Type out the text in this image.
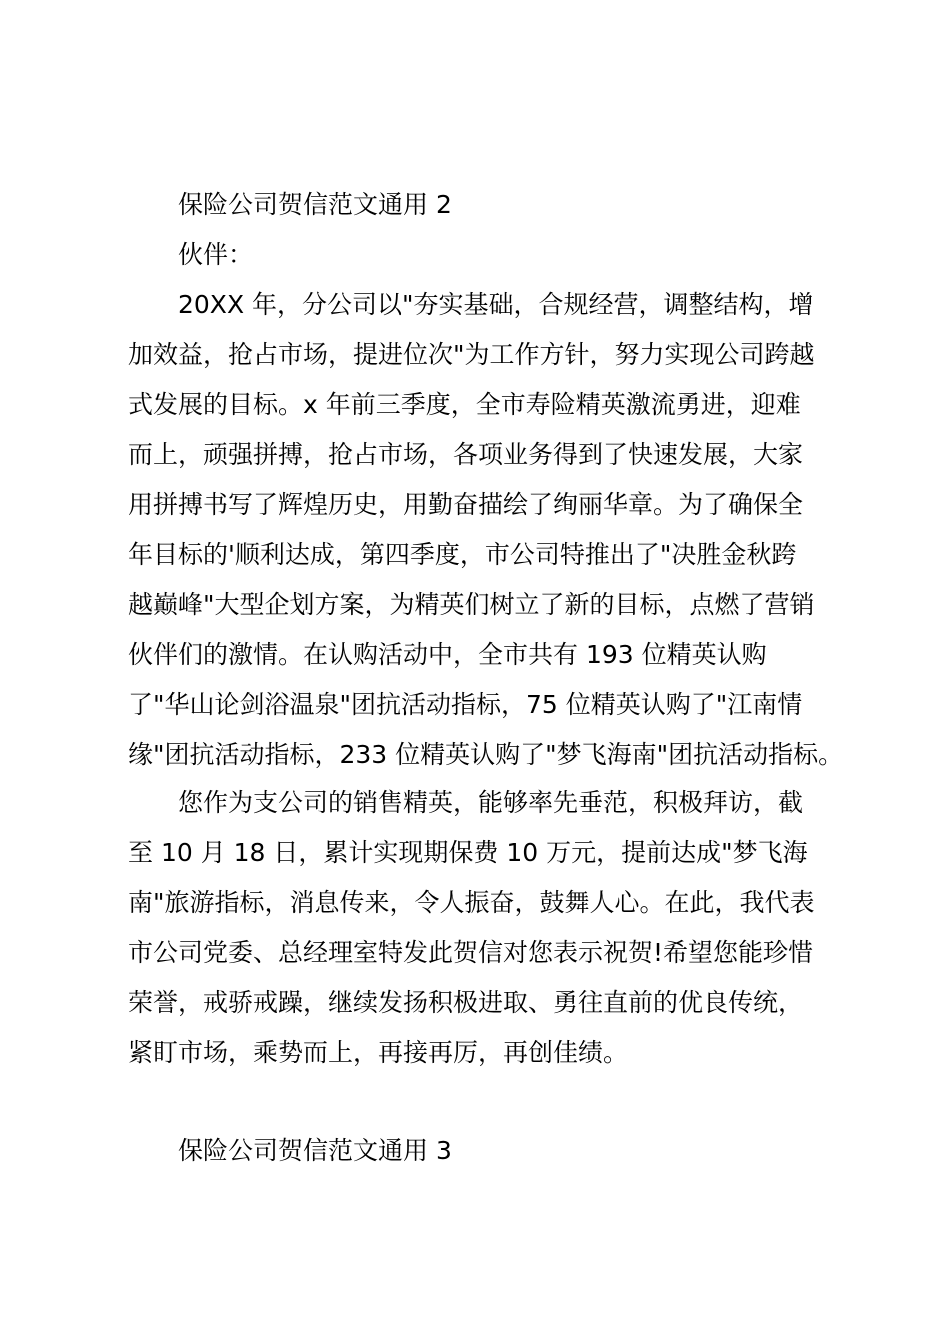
保险公司贺信范文通用 2

伙伴：

20XX 年，分公司以"夯实基础，合规经营，调整结构，增
加效益，抢占市场，提进位次"为工作方针，努力实现公司跨越
式发展的目标。x 年前三季度，全市寿险精英激流勇进，迎难
而上，顽强拼搏，抢占市场，各项业务得到了快速发展，大家
用拼搏书写了辉煌历史，用勤奋描绘了绚丽华章。为了确保全
年目标的'顺利达成，第四季度，市公司特推出了"决胜金秋跨
越巅峰"大型企划方案，为精英们树立了新的目标，点燃了营销
伙伴们的激情。在认购活动中，全市共有 193 位精英认购
了"华山论剑浴温泉"团抗活动指标，75 位精英认购了"江南情
缘"团抗活动指标，233 位精英认购了"梦飞海南"团抗活动指标。

您作为支公司的销售精英，能够率先垂范，积极拜访，截
至 10 月 18 日，累计实现期保费 10 万元，提前达成"梦飞海
南"旅游指标，消息传来，令人振奋，鼓舞人心。在此，我代表
市公司党委、总经理室特发此贺信对您表示祝贺!希望您能珍惜
荣誉，戒骄戒躁，继续发扬积极进取、勇往直前的优良传统，
紧盯市场，乘势而上，再接再厉，再创佳绩。

保险公司贺信范文通用 3
